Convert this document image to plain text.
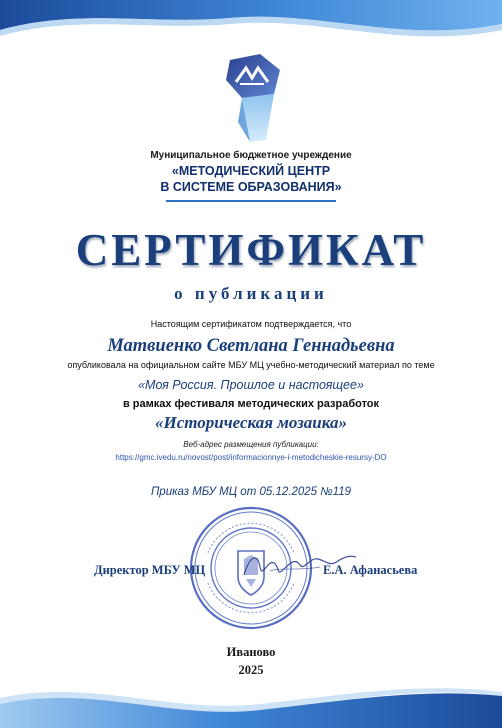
Муниципальное бюджетное учреждение
«МЕТОДИЧЕСКИЙ ЦЕНТР
В СИСТЕМЕ ОБРАЗОВАНИЯ»
СЕРТИФИКАТ
о публикации
Настоящим сертификатом подтверждается, что
Матвиенко Светлана Геннадьевна
опубликовала на официальном сайте МБУ МЦ учебно-методический материал по теме
«Моя Россия. Прошлое и настоящее»
в рамках фестиваля методических разработок
«Историческая мозаика»
Веб-адрес размещения публикации:
https://gmc.ivedu.ru/novost/post/informacionnye-i-metodicheskie-resursy-DO
Приказ МБУ МЦ от 05.12.2025 №119
Директор МБУ МЦ	Е.А. Афанасьева
Иваново
2025
